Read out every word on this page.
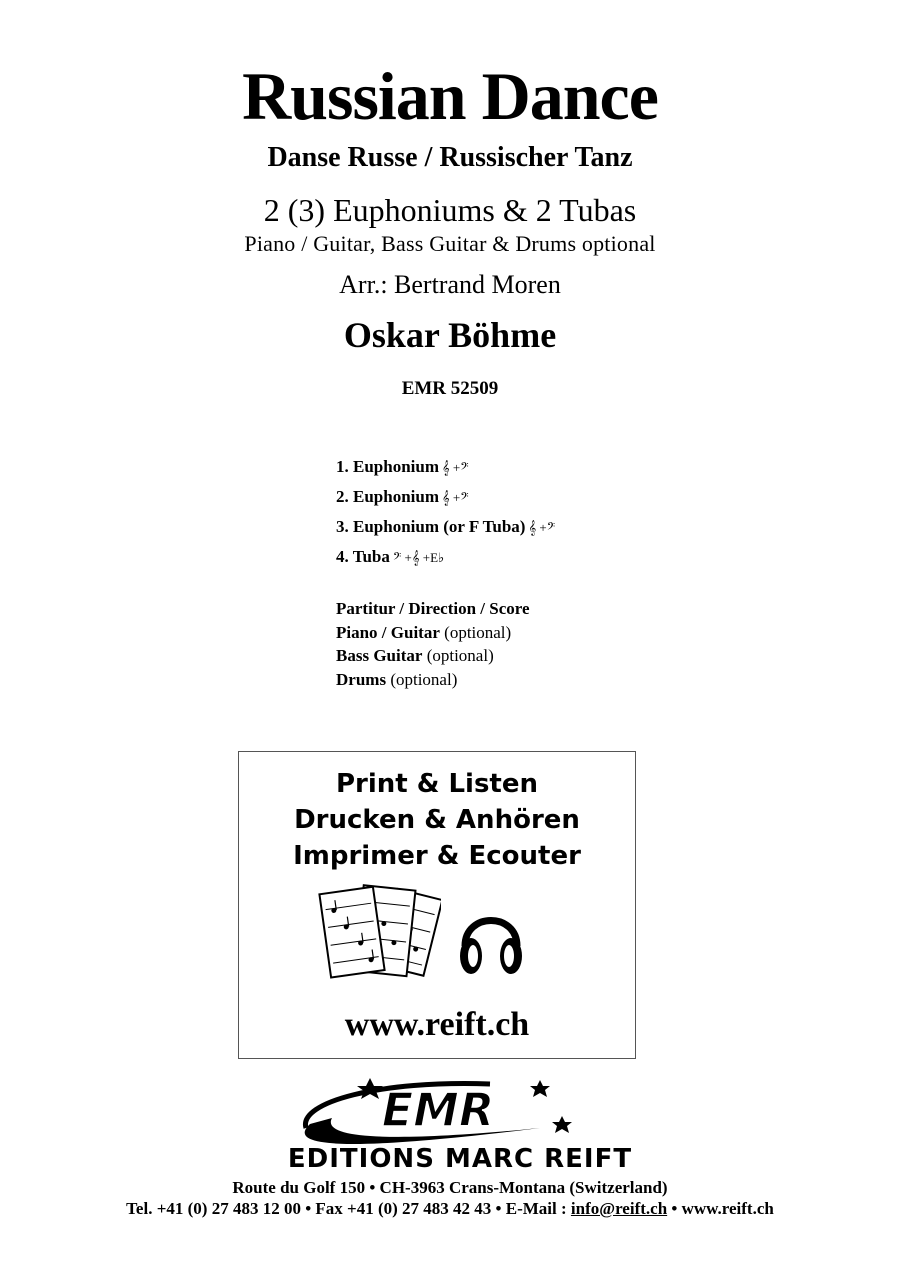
Russian Dance
Danse Russe / Russischer Tanz
2 (3) Euphoniums & 2 Tubas
Piano / Guitar, Bass Guitar & Drums optional
Arr.: Bertrand Moren
Oskar Böhme
EMR 52509
1. Euphonium 𝄞 +𝄢
2. Euphonium 𝄞 +𝄢
3. Euphonium (or F Tuba) 𝄞 +𝄢
4. Tuba 𝄢 +𝄞 +E♭
Partitur / Direction / Score
Piano / Guitar (optional)
Bass Guitar (optional)
Drums (optional)
Print & Listen
Drucken & Anhören
Imprimer & Ecouter
www.reift.ch
EMR
EDITIONS MARC REIFT
Route du Golf 150 • CH-3963 Crans-Montana (Switzerland)
Tel. +41 (0) 27 483 12 00 • Fax +41 (0) 27 483 42 43 • E-Mail : info@reift.ch • www.reift.ch
